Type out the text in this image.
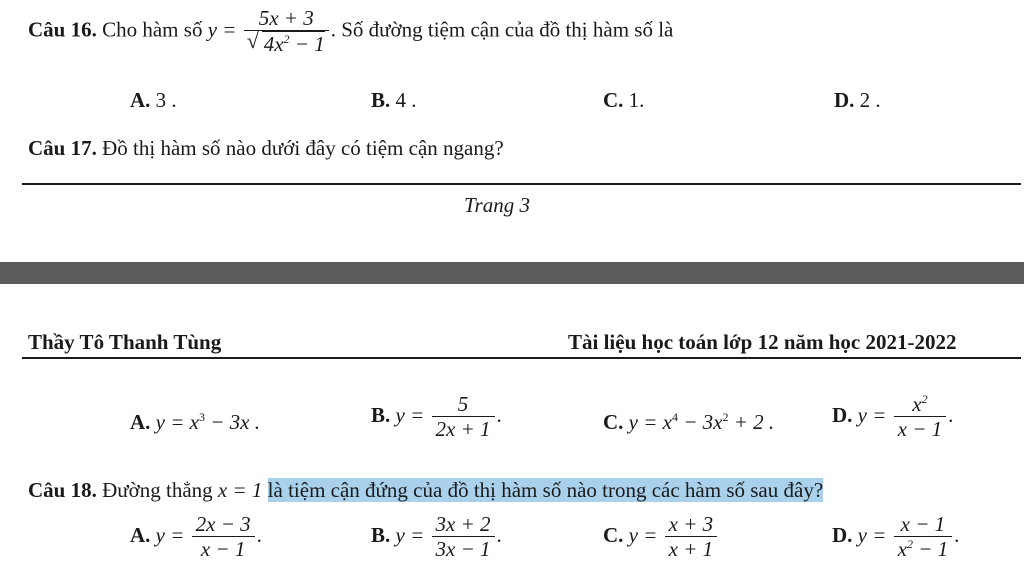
Câu 16. Cho hàm số y = 5x + 3
√ $4x^2 - 1$ . Số đường tiệm cận của đồ thị hàm số là
A. 3 .	B. 4 .	C. 1.	D. 2 .
Câu 17. Đồ thị hàm số nào dưới đây có tiệm cận ngang?
Trang 3
Thầy Tô Thanh Tùng	Tài liệu học toán lớp 12 năm học 2021-2022
A. $y = x^3 - 3x$ .	B. $y = \frac{5}{2x + 1}$ .	C. $y = x^4 - 3x^2 + 2$ .	D. $y = \frac{x^2}{x - 1}$ .
Câu 18. Đường thẳng x = 1 là tiệm cận đứng của đồ thị hàm số nào trong các hàm số sau đây?
A. $y = \frac{2x - 3}{x - 1}$ .	B. $y = \frac{3x + 2}{3x - 1}$ .	C. $y = \frac{x + 3}{x + 1}$	D. $y = \frac{x - 1}{x^2 - 1}$ .
